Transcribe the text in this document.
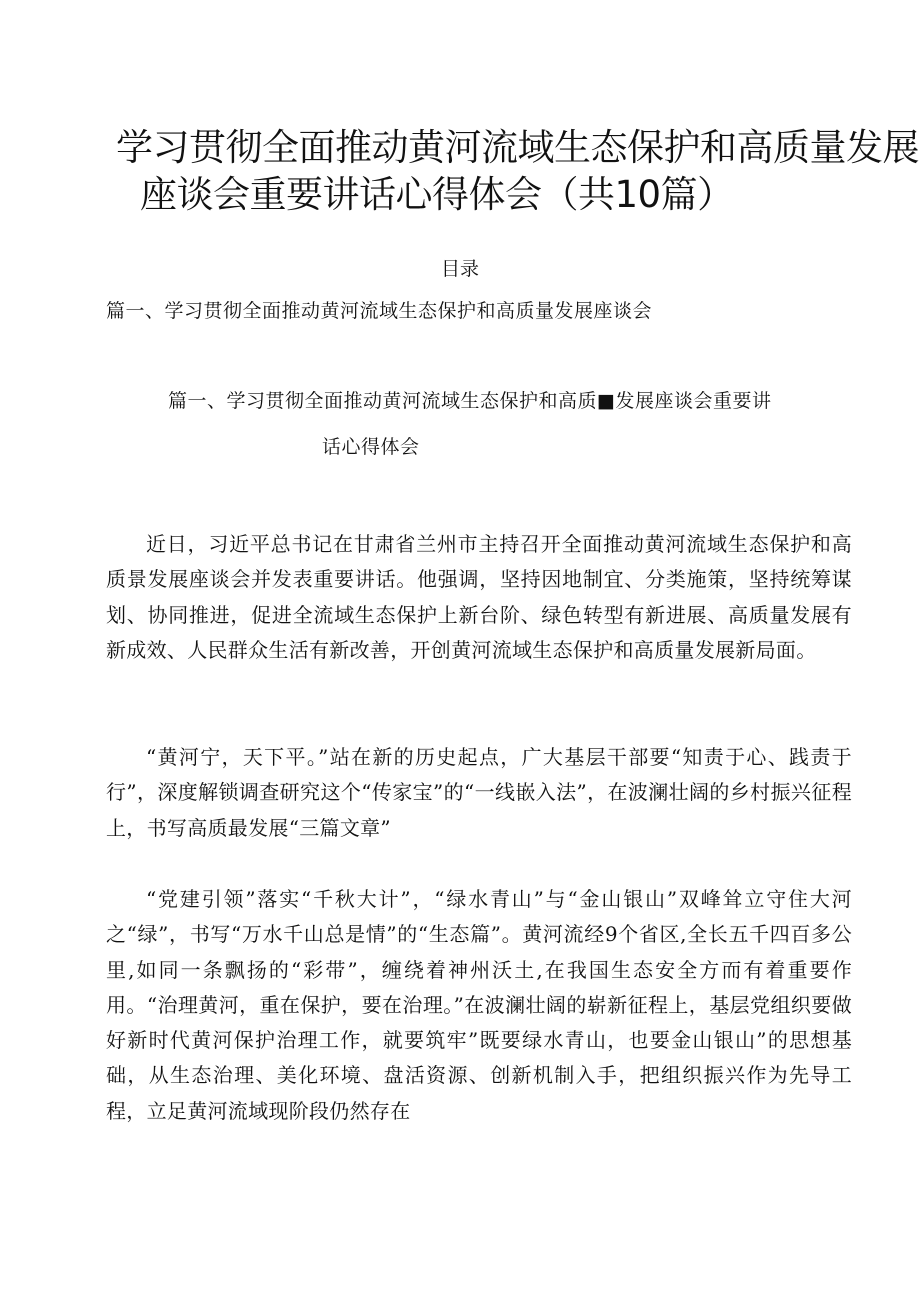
学习贯彻全面推动黄河流域生态保护和高质量发展
座谈会重要讲话心得体会（共10篇）
目录
篇一、学习贯彻全面推动黄河流域生态保护和高质量发展座谈会
篇一、学习贯彻全面推动黄河流域生态保护和高质■发展座谈会重要讲
话心得体会

近日，习近平总书记在甘肃省兰州市主持召开全面推动黄河流域生态保护和高质景发展座谈会并发表重要讲话。他强调，坚持因地制宜、分类施策，坚持统筹谋划、协同推进，促进全流域生态保护上新台阶、绿色转型有新进展、高质量发展有新成效、人民群众生活有新改善，开创黄河流域生态保护和高质量发展新局面。

“黄河宁，天下平。”站在新的历史起点，广大基层干部要“知责于心、践责于行”，深度解锁调查研究这个“传家宝”的“一线嵌入法”，在波澜壮阔的乡村振兴征程上，书写高质最发展“三篇文章”

“党建引领”落实“千秋大计”，“绿水青山”与“金山银山”双峰耸立守住大河之“绿”，书写“万水千山总是情”的“生态篇”。黄河流经9个省区,全长五千四百多公里,如同一条飘扬的“彩带”，缠绕着神州沃土,在我国生态安全方而有着重要作用。“治理黄河，重在保护，要在治理。”在波澜壮阔的崭新征程上，基层党组织要做好新时代黄河保护治理工作，就要筑牢”既要绿水青山，也要金山银山”的思想基础，从生态治理、美化环境、盘活资源、创新机制入手，把组织振兴作为先导工程，立足黄河流域现阶段仍然存在
